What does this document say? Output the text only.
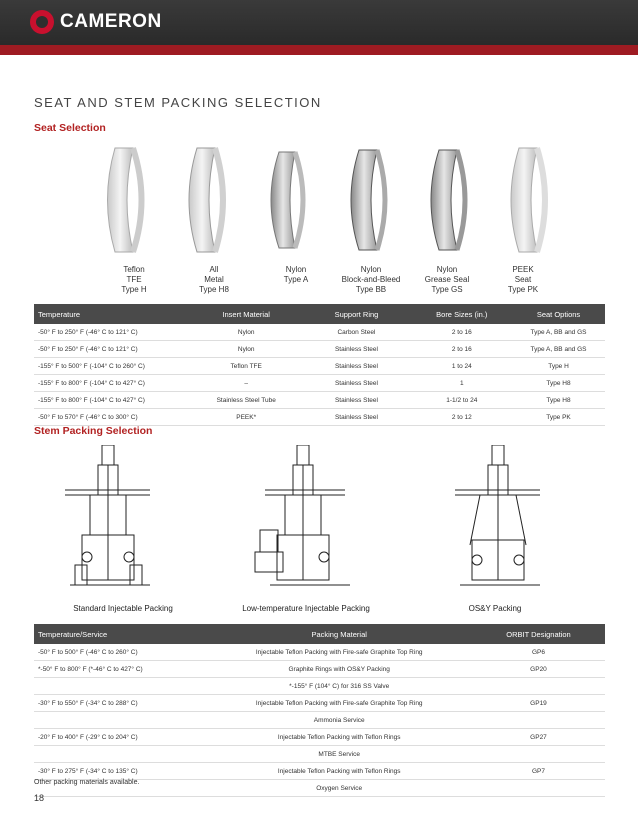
CAMERON
SEAT AND STEM PACKING SELECTION
Seat Selection
Teflon
TFE
Type H
All
Metal
Type H8
Nylon
Type A
Nylon
Block-and-Bleed
Type BB
Nylon
Grease Seal
Type GS
PEEK
Seat
Type PK
Temperature	Insert Material	Support Ring	Bore Sizes (in.)	Seat Options
-50° F to 250° F (-46° C to 121° C)	Nylon	Carbon Steel	2 to 16	Type A, BB and GS
-50° F to 250° F (-46° C to 121° C)	Nylon	Stainless Steel	2 to 16	Type A, BB and GS
-155° F to 500° F (-104° C to 260° C)	Teflon TFE	Stainless Steel	1 to 24	Type H
-155° F to 800° F (-104° C to 427° C)	–	Stainless Steel	1	Type H8
-155° F to 800° F (-104° C to 427° C)	Stainless Steel Tube	Stainless Steel	1-1/2 to 24	Type H8
-50° F to 570° F (-46° C to 300° C)	PEEK*	Stainless Steel	2 to 12	Type PK
Stem Packing Selection
Standard Injectable Packing	Low-temperature Injectable Packing	OS&Y Packing
Temperature/Service	Packing Material	ORBIT Designation
-50° F to 500° F (-46° C to 260° C)	Injectable Teflon Packing with Fire-safe Graphite Top Ring	GP6
*-50° F to 800° F (*-46° C to 427° C)	Graphite Rings with OS&Y Packing	GP20
	*-155° F (104° C) for 316 SS Valve	
-30° F to 550° F (-34° C to 288° C)	Injectable Teflon Packing with Fire-safe Graphite Top Ring	GP19
	Ammonia Service	
-20° F to 400° F (-29° C to 204° C)	Injectable Teflon Packing with Teflon Rings	GP27
	MTBE Service	
-30° F to 275° F (-34° C to 135° C)	Injectable Teflon Packing with Teflon Rings	GP7
	Oxygen Service	
Other packing materials available.
18
